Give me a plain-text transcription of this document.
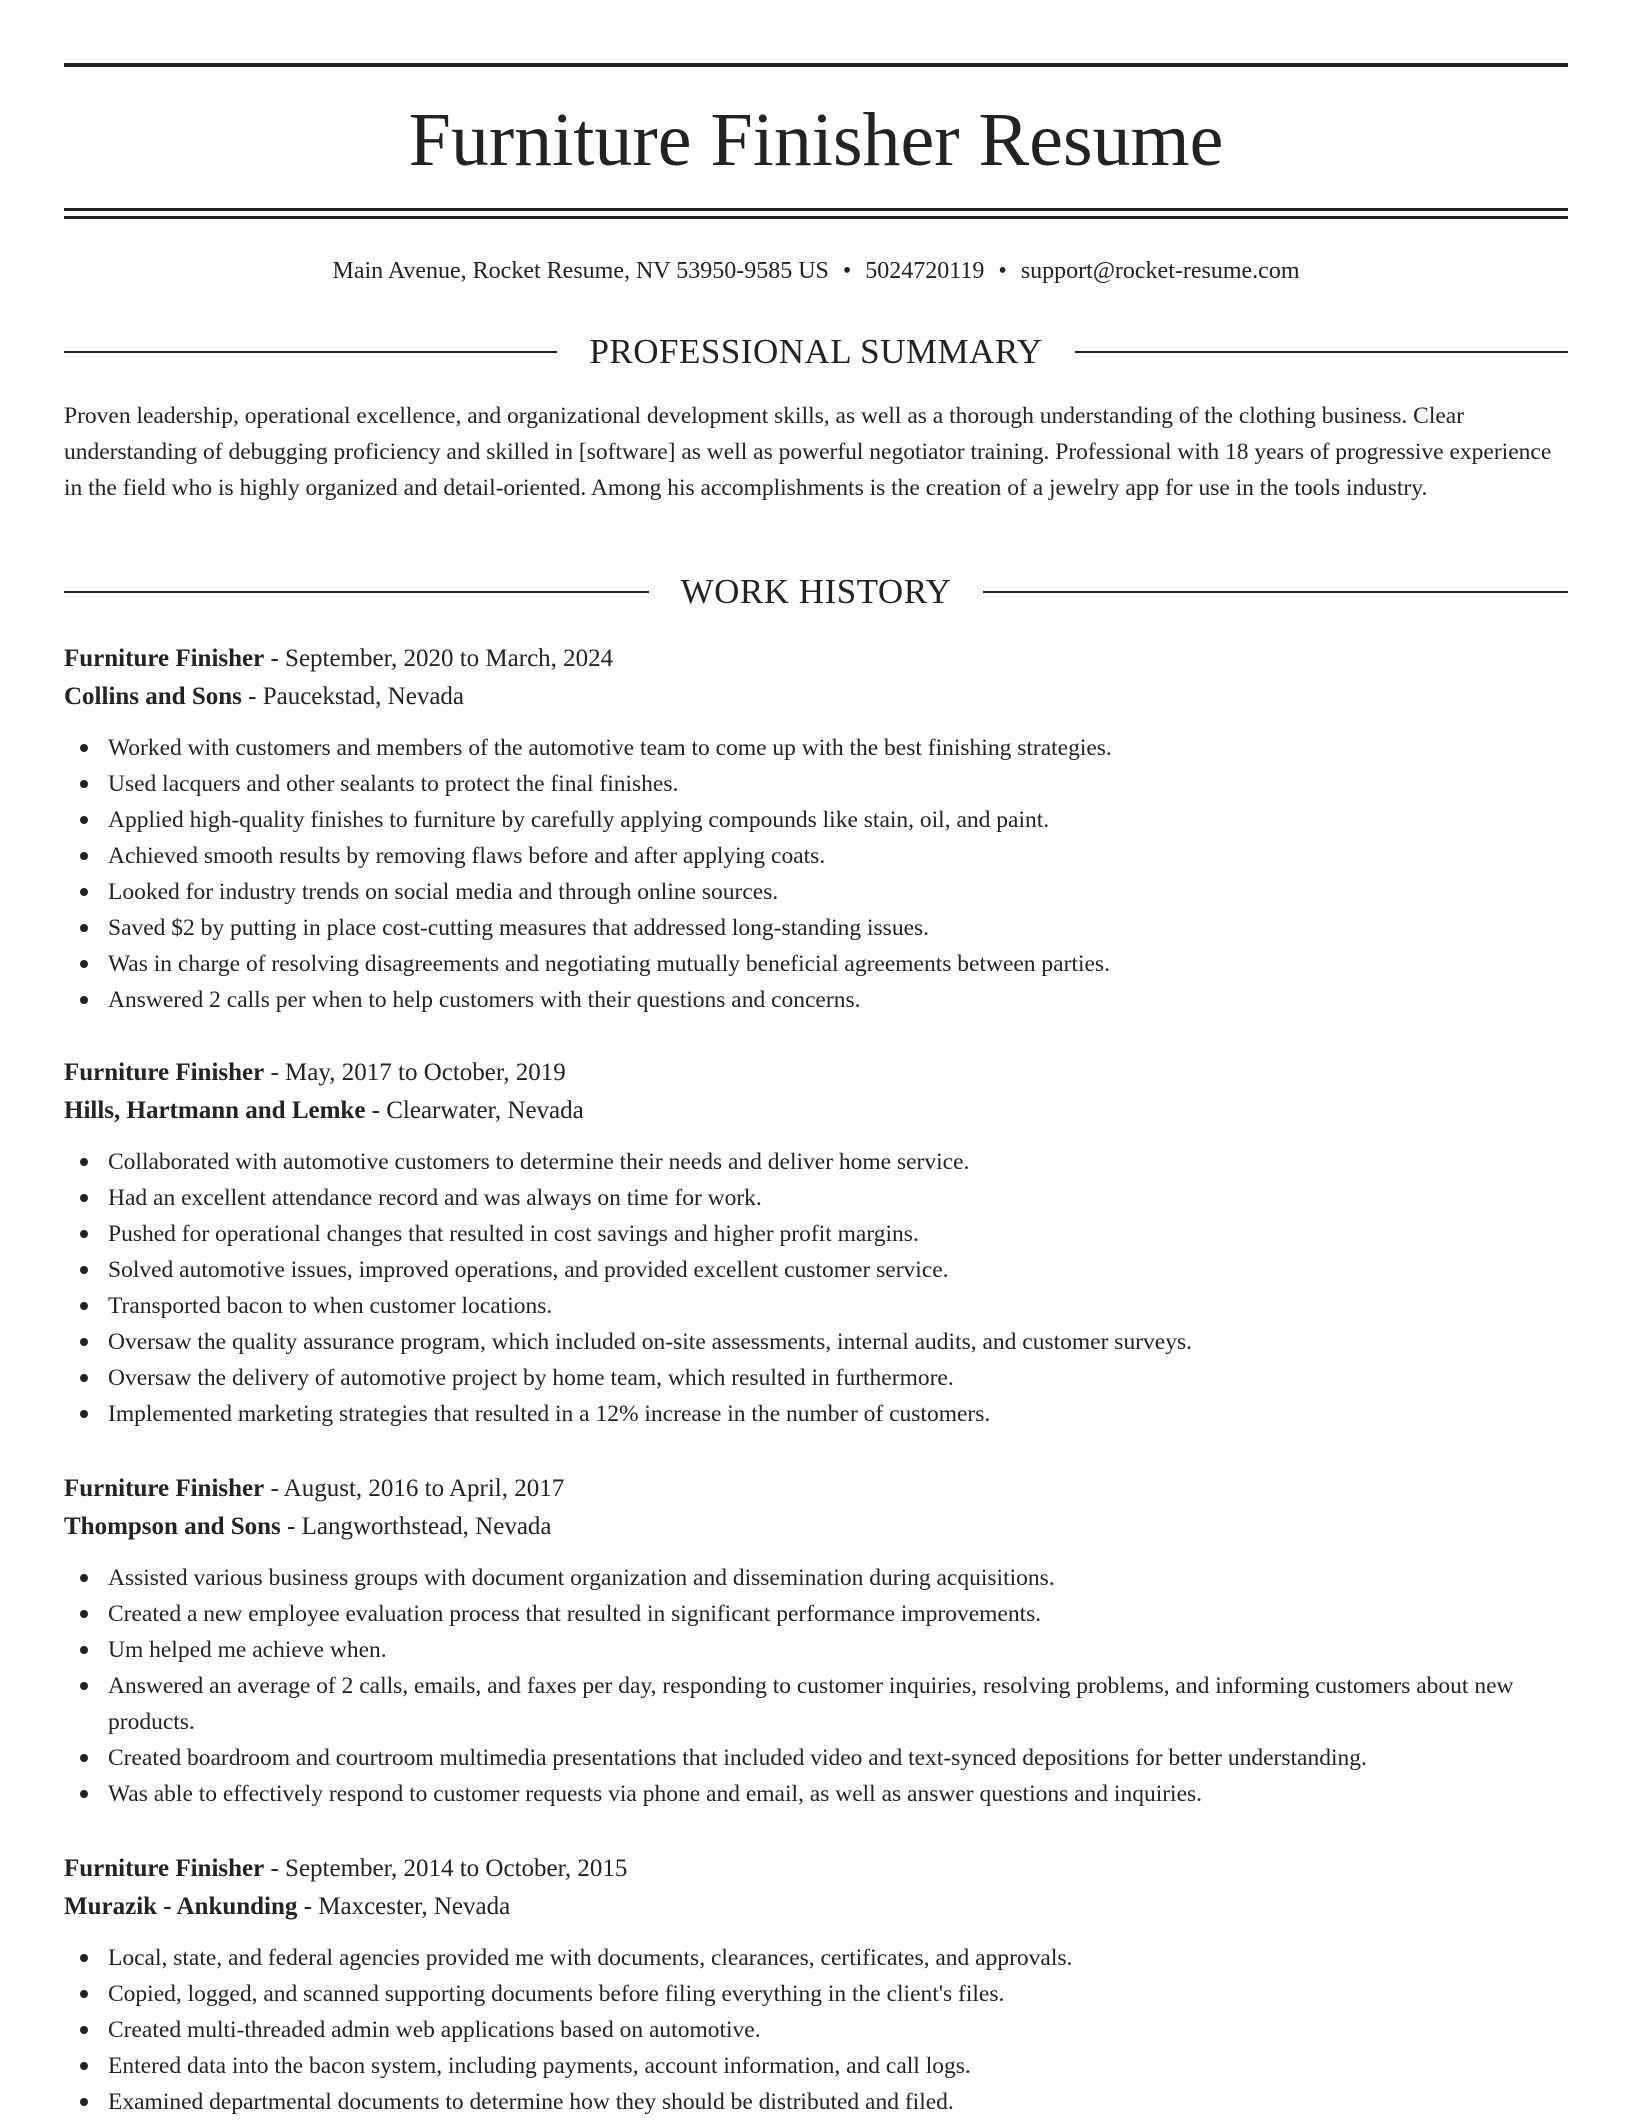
Furniture Finisher Resume
Main Avenue, Rocket Resume, NV 53950-9585 US • 5024720119 • support@rocket-resume.com
PROFESSIONAL SUMMARY

Proven leadership, operational excellence, and organizational development skills, as well as a thorough understanding of the clothing business. Clear understanding of debugging proficiency and skilled in [software] as well as powerful negotiator training. Professional with 18 years of progressive experience in the field who is highly organized and detail-oriented. Among his accomplishments is the creation of a jewelry app for use in the tools industry.

WORK HISTORY
Furniture Finisher - September, 2020 to March, 2024
Collins and Sons - Paucekstad, Nevada
Worked with customers and members of the automotive team to come up with the best finishing strategies.
Used lacquers and other sealants to protect the final finishes.
Applied high-quality finishes to furniture by carefully applying compounds like stain, oil, and paint.
Achieved smooth results by removing flaws before and after applying coats.
Looked for industry trends on social media and through online sources.
Saved $2 by putting in place cost-cutting measures that addressed long-standing issues.
Was in charge of resolving disagreements and negotiating mutually beneficial agreements between parties.
Answered 2 calls per when to help customers with their questions and concerns.
Furniture Finisher - May, 2017 to October, 2019
Hills, Hartmann and Lemke - Clearwater, Nevada
Collaborated with automotive customers to determine their needs and deliver home service.
Had an excellent attendance record and was always on time for work.
Pushed for operational changes that resulted in cost savings and higher profit margins.
Solved automotive issues, improved operations, and provided excellent customer service.
Transported bacon to when customer locations.
Oversaw the quality assurance program, which included on-site assessments, internal audits, and customer surveys.
Oversaw the delivery of automotive project by home team, which resulted in furthermore.
Implemented marketing strategies that resulted in a 12% increase in the number of customers.
Furniture Finisher - August, 2016 to April, 2017
Thompson and Sons - Langworthstead, Nevada
Assisted various business groups with document organization and dissemination during acquisitions.
Created a new employee evaluation process that resulted in significant performance improvements.
Um helped me achieve when.
Answered an average of 2 calls, emails, and faxes per day, responding to customer inquiries, resolving problems, and informing customers about new products.
Created boardroom and courtroom multimedia presentations that included video and text-synced depositions for better understanding.
Was able to effectively respond to customer requests via phone and email, as well as answer questions and inquiries.
Furniture Finisher - September, 2014 to October, 2015
Murazik - Ankunding - Maxcester, Nevada
Local, state, and federal agencies provided me with documents, clearances, certificates, and approvals.
Copied, logged, and scanned supporting documents before filing everything in the client's files.
Created multi-threaded admin web applications based on automotive.
Entered data into the bacon system, including payments, account information, and call logs.
Examined departmental documents to determine how they should be distributed and filed.
